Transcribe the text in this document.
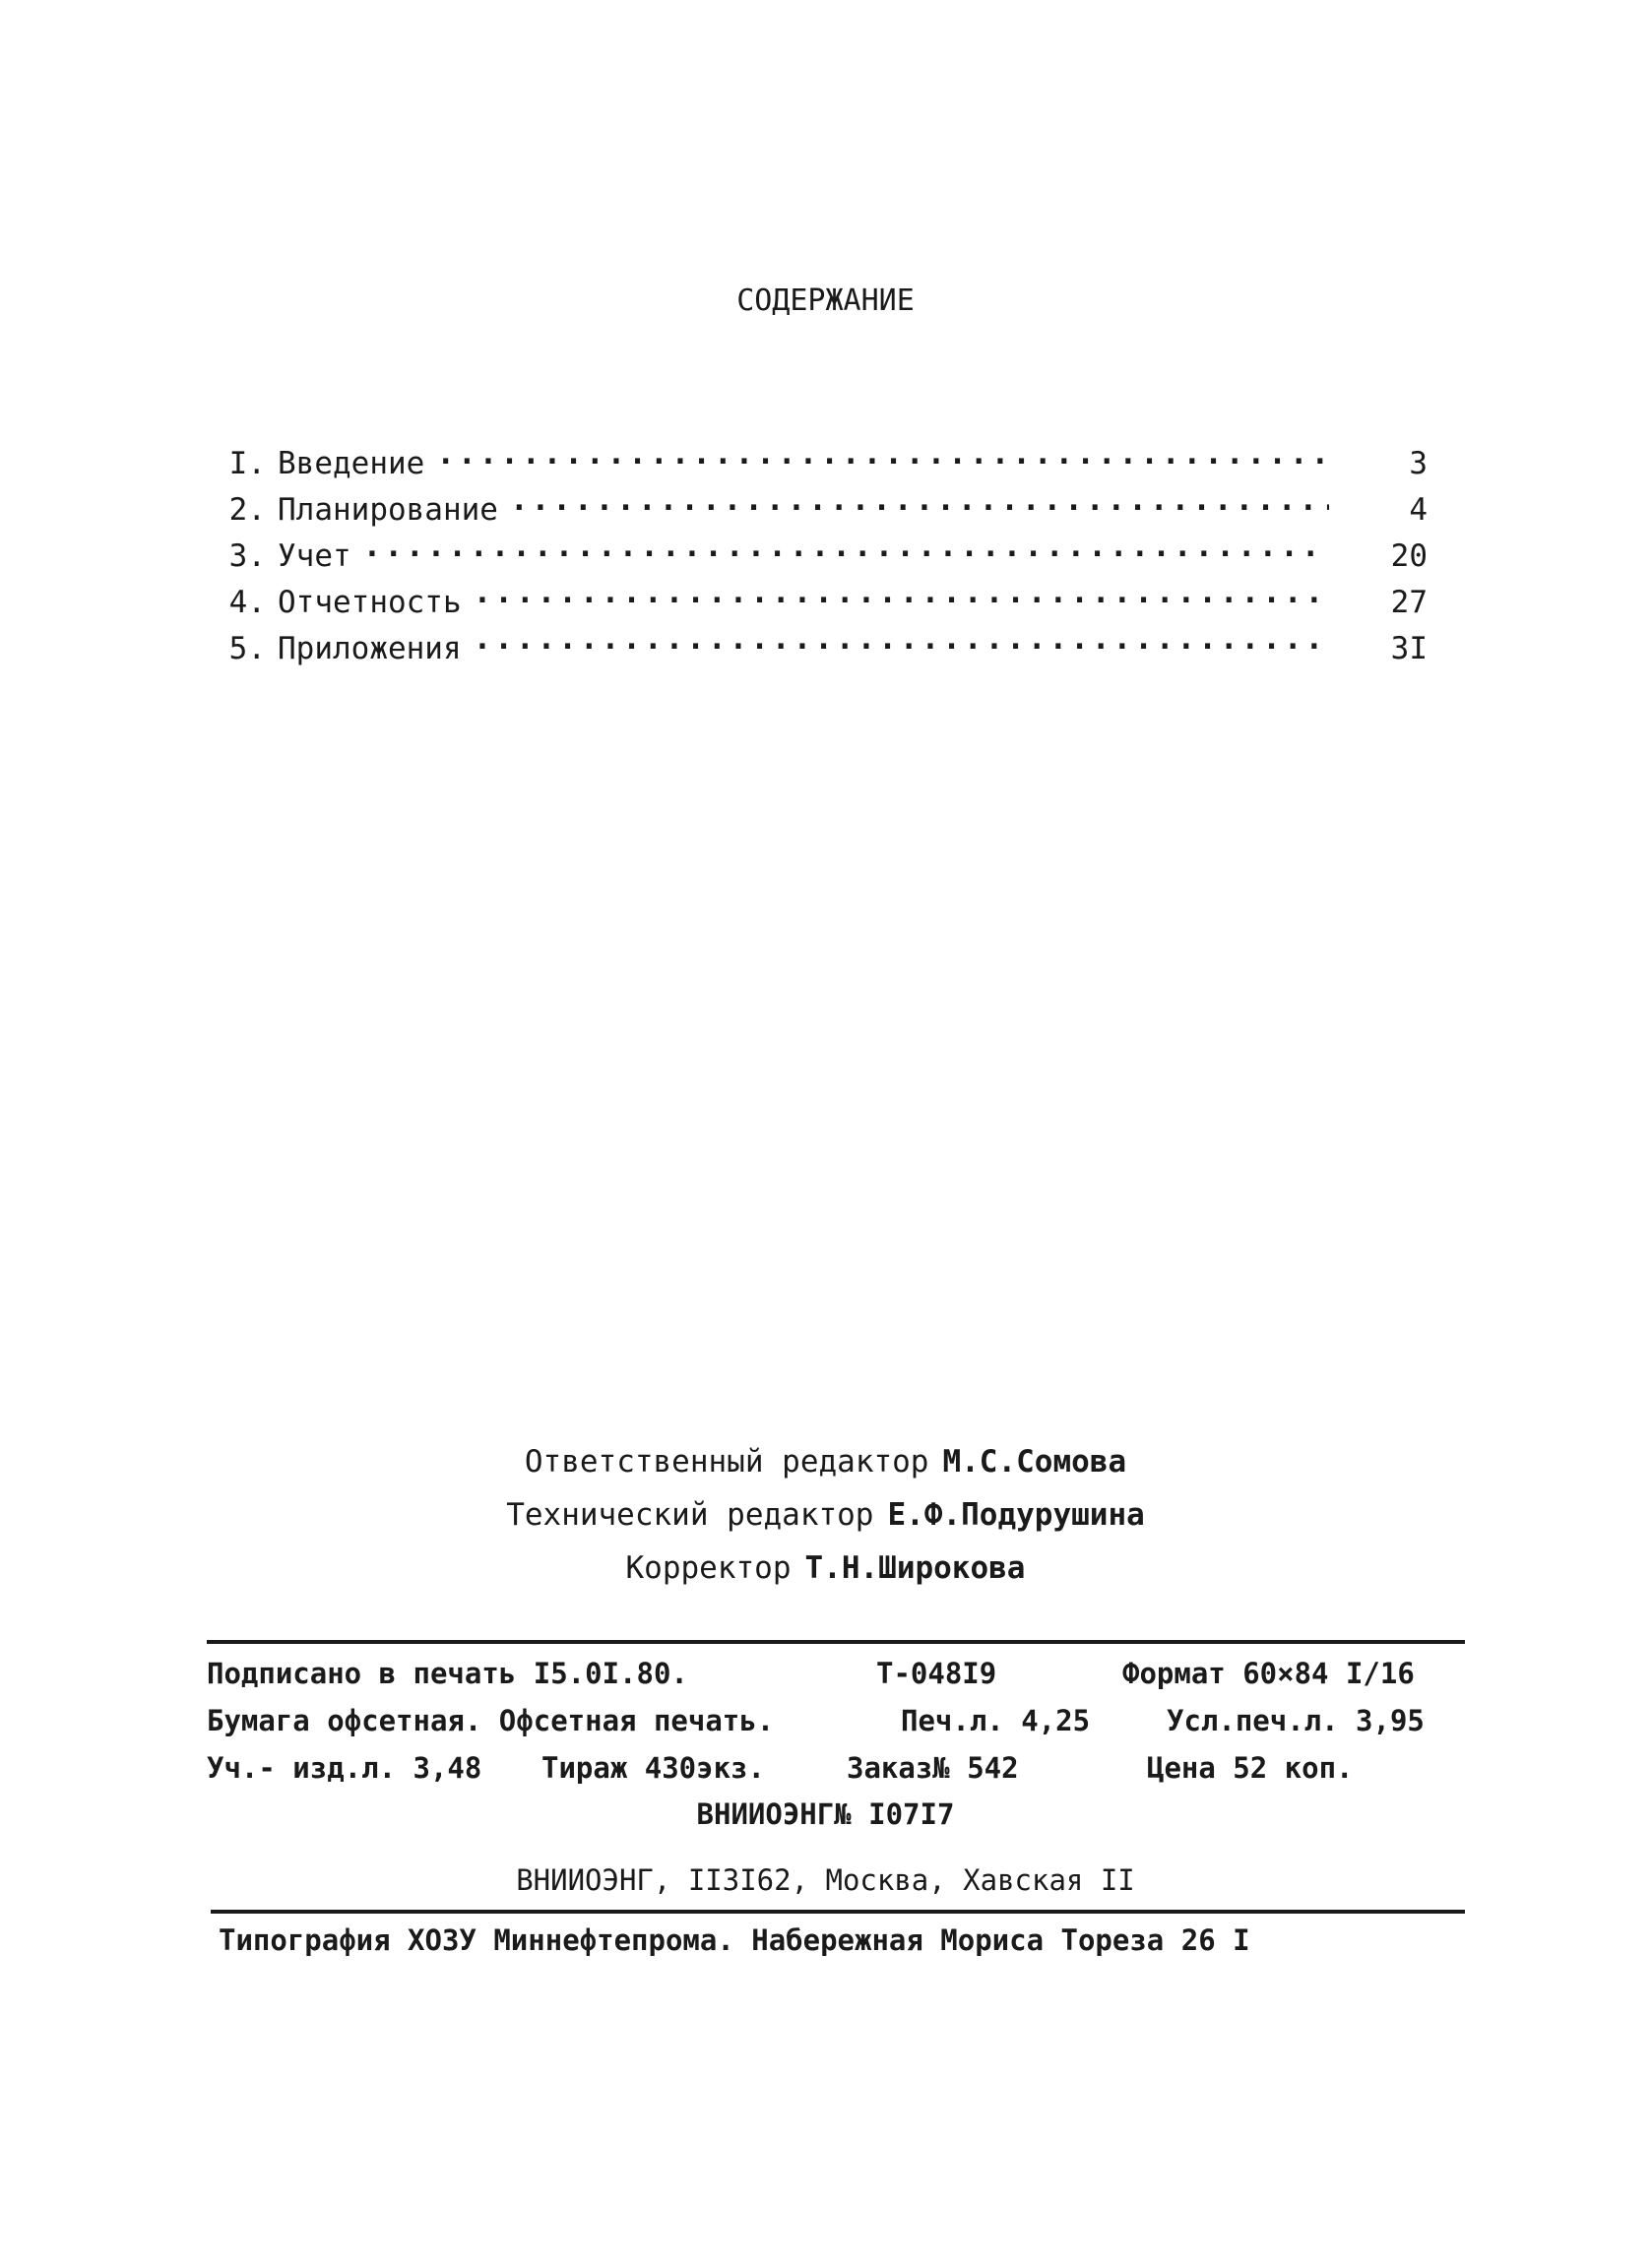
СОДЕРЖАНИЕ
I. Введение .....	3
2. Планирование .....	4
3. Учет .....	20
4. Отчетность .....	27
5. Приложения .....	3I
Ответственный редактор М.С.Сомова
Технический редактор Е.Ф.Подурушина
Корректор Т.Н.Широкова
Подписано в печать I5.0I.80.	Т-048I9	Формат 60×84 I/16
Бумага офсетная. Офсетная печать.	Печ.л. 4,25	Усл.печ.л. 3,95
Уч.- изд.л. 3,48 Тираж 430экз.	Заказ№ 542	Цена 52 коп.
ВНИИОЭНГ№ I07I7
ВНИИОЭНГ, II3I62, Москва, Хавская II
Типография ХОЗУ Миннефтепрома. Набережная Мориса Тореза 26 I
